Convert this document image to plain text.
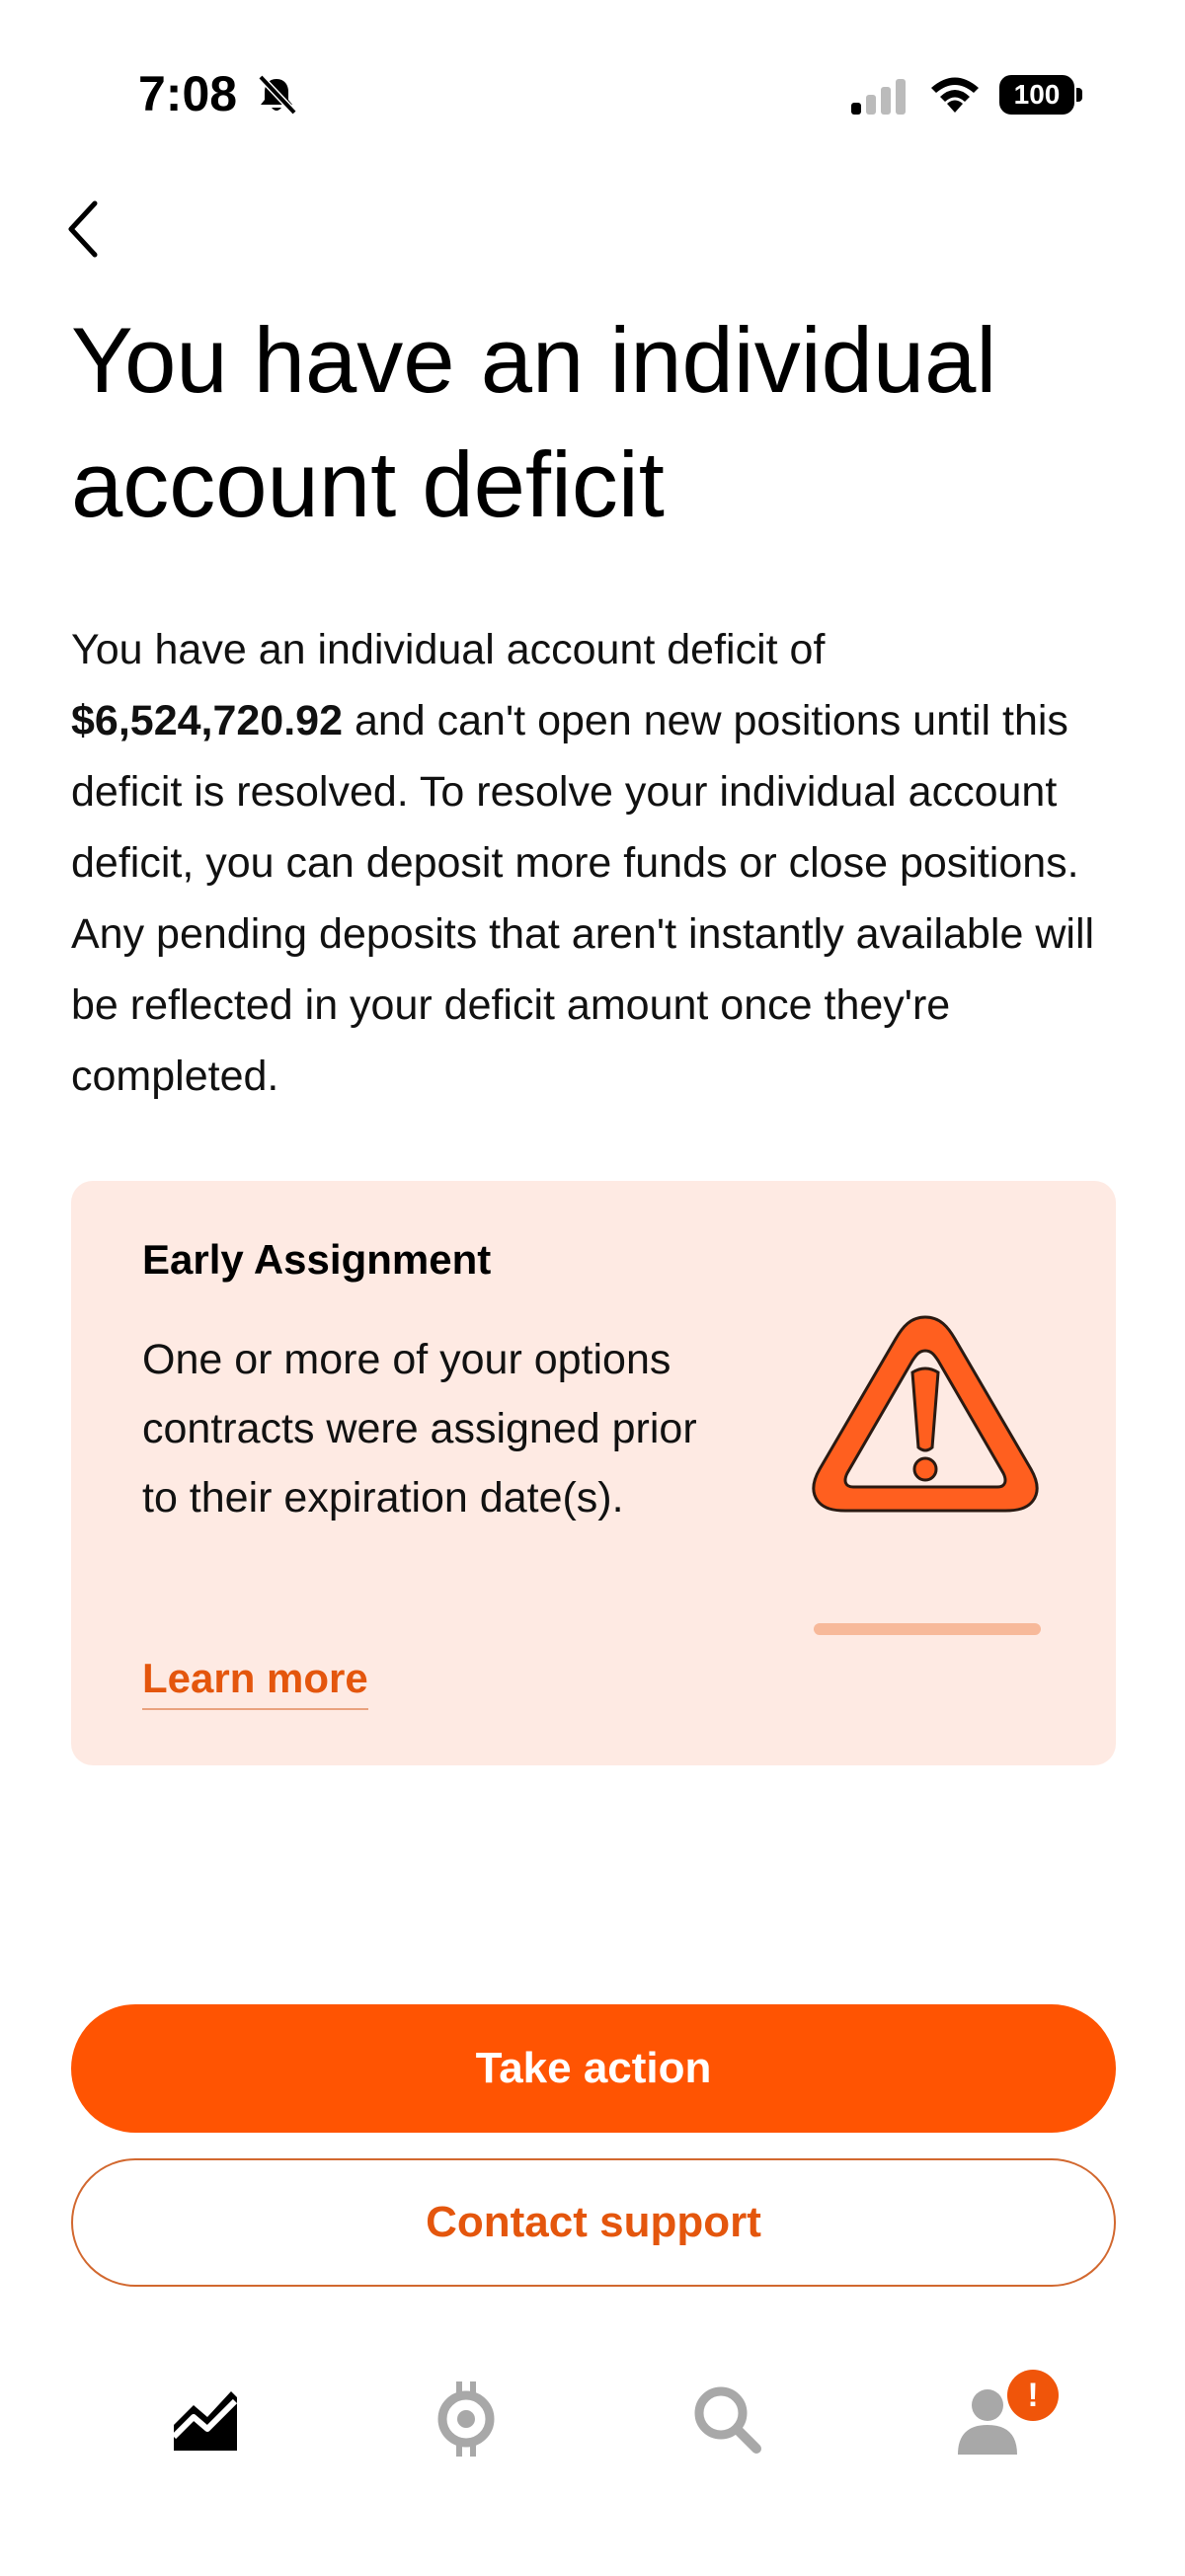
7:08	100
You have an individual account deficit

You have an individual account deficit of
$6,524,720.92 and can't open new positions until this deficit is resolved. To resolve your individual account deficit, you can deposit more funds or close positions. Any pending deposits that aren't instantly available will be reflected in your deficit amount once they're completed.

Early Assignment
One or more of your options contracts were assigned prior to their expiration date(s).
Learn more
Take action
Contact support
!
